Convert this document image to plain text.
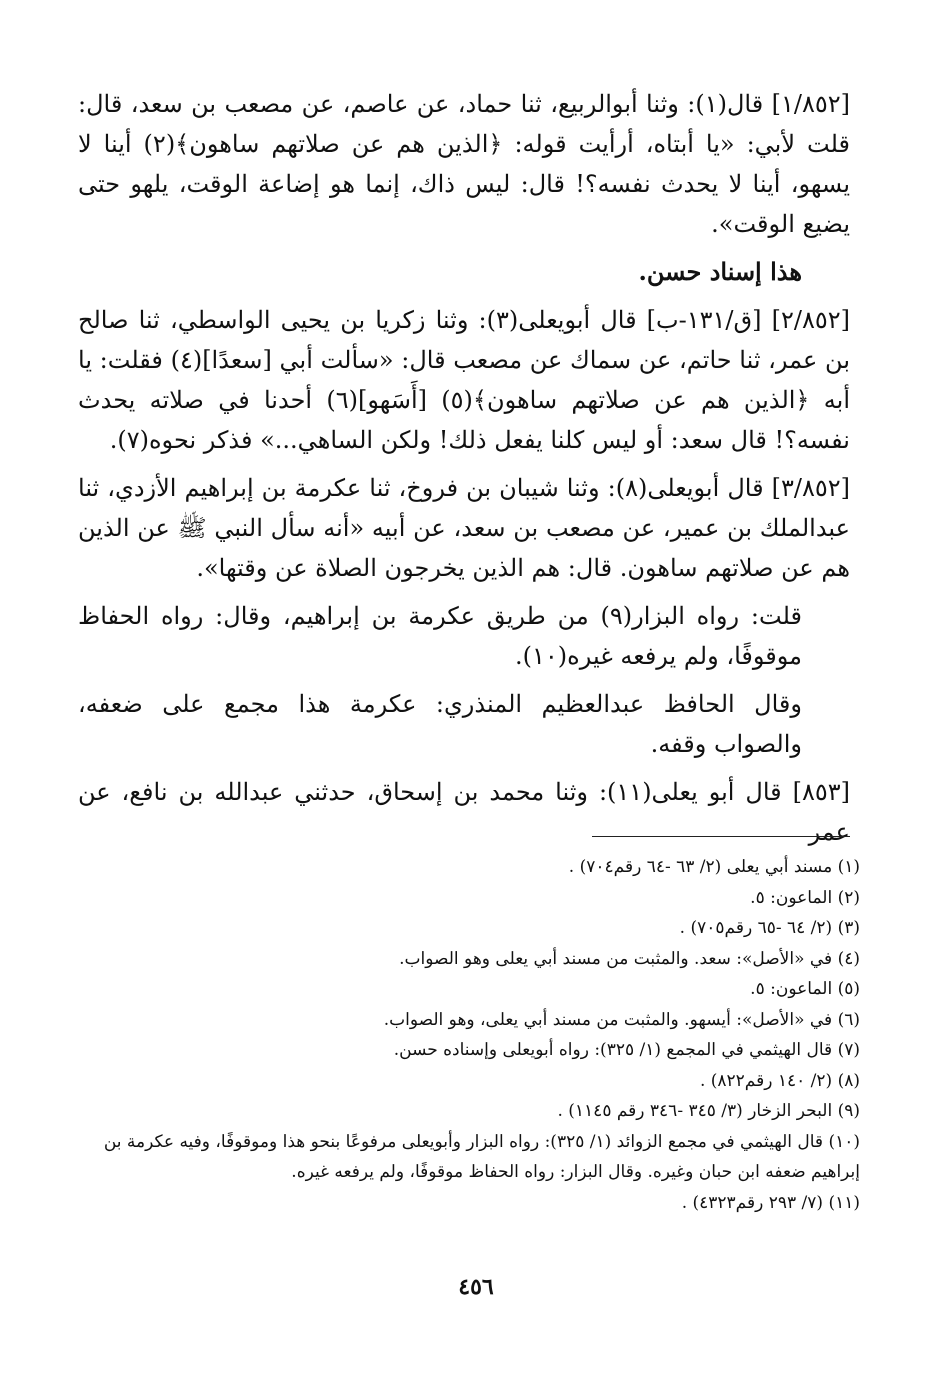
[١/٨٥٢] قال(١): وثنا أبوالربيع، ثنا حماد، عن عاصم، عن مصعب بن سعد، قال: قلت لأبي: «يا أبتاه، أرأيت قوله: ﴿الذين هم عن صلاتهم ساهون﴾(٢) أينا لا يسهو، أينا لا يحدث نفسه؟! قال: ليس ذاك، إنما هو إضاعة الوقت، يلهو حتى يضيع الوقت».

هذا إسناد حسن.

[٢/٨٥٢] [ق/١٣١-ب] قال أبويعلى(٣): وثنا زكريا بن يحيى الواسطي، ثنا صالح بن عمر، ثنا حاتم، عن سماك عن مصعب قال: «سألت أبي [سعدًا](٤) فقلت: يا أبه ﴿الذين هم عن صلاتهم ساهون﴾(٥) [أَسَهو](٦) أحدنا في صلاته يحدث نفسه؟! قال سعد: أو ليس كلنا يفعل ذلك! ولكن الساهي...» فذكر نحوه(٧).

[٣/٨٥٢] قال أبويعلى(٨): وثنا شيبان بن فروخ، ثنا عكرمة بن إبراهيم الأزدي، ثنا عبدالملك بن عمير، عن مصعب بن سعد، عن أبيه «أنه سأل النبي ﷺ عن الذين هم عن صلاتهم ساهون. قال: هم الذين يخرجون الصلاة عن وقتها».

قلت: رواه البزار(٩) من طريق عكرمة بن إبراهيم، وقال: رواه الحفاظ موقوفًا، ولم يرفعه غيره(١٠).

وقال الحافظ عبدالعظيم المنذري: عكرمة هذا مجمع على ضعفه، والصواب وقفه.

[٨٥٣] قال أبو يعلى(١١): وثنا محمد بن إسحاق، حدثني عبدالله بن نافع، عن عمر

(١) مسند أبي يعلى (٢/ ٦٣ -٦٤ رقم٧٠٤) .
(٢) الماعون: ٥.
(٣) (٢/ ٦٤ -٦٥ رقم٧٠٥) .
(٤) في «الأصل»: سعد. والمثبت من مسند أبي يعلى وهو الصواب.
(٥) الماعون: ٥.
(٦) في «الأصل»: أيسهو. والمثبت من مسند أبي يعلى، وهو الصواب.
(٧) قال الهيثمي في المجمع (١/ ٣٢٥): رواه أبويعلى وإسناده حسن.
(٨) (٢/ ١٤٠ رقم٨٢٢) .
(٩) البحر الزخار (٣/ ٣٤٥ -٣٤٦ رقم ١١٤٥) .
(١٠) قال الهيثمي في مجمع الزوائد (١/ ٣٢٥): رواه البزار وأبويعلى مرفوعًا بنحو هذا وموقوفًا، وفيه عكرمة بن إبراهيم ضعفه ابن حبان وغيره. وقال البزار: رواه الحفاظ موقوفًا، ولم يرفعه غيره.
(١١) (٧/ ٢٩٣ رقم٤٣٢٣) .
٤٥٦
